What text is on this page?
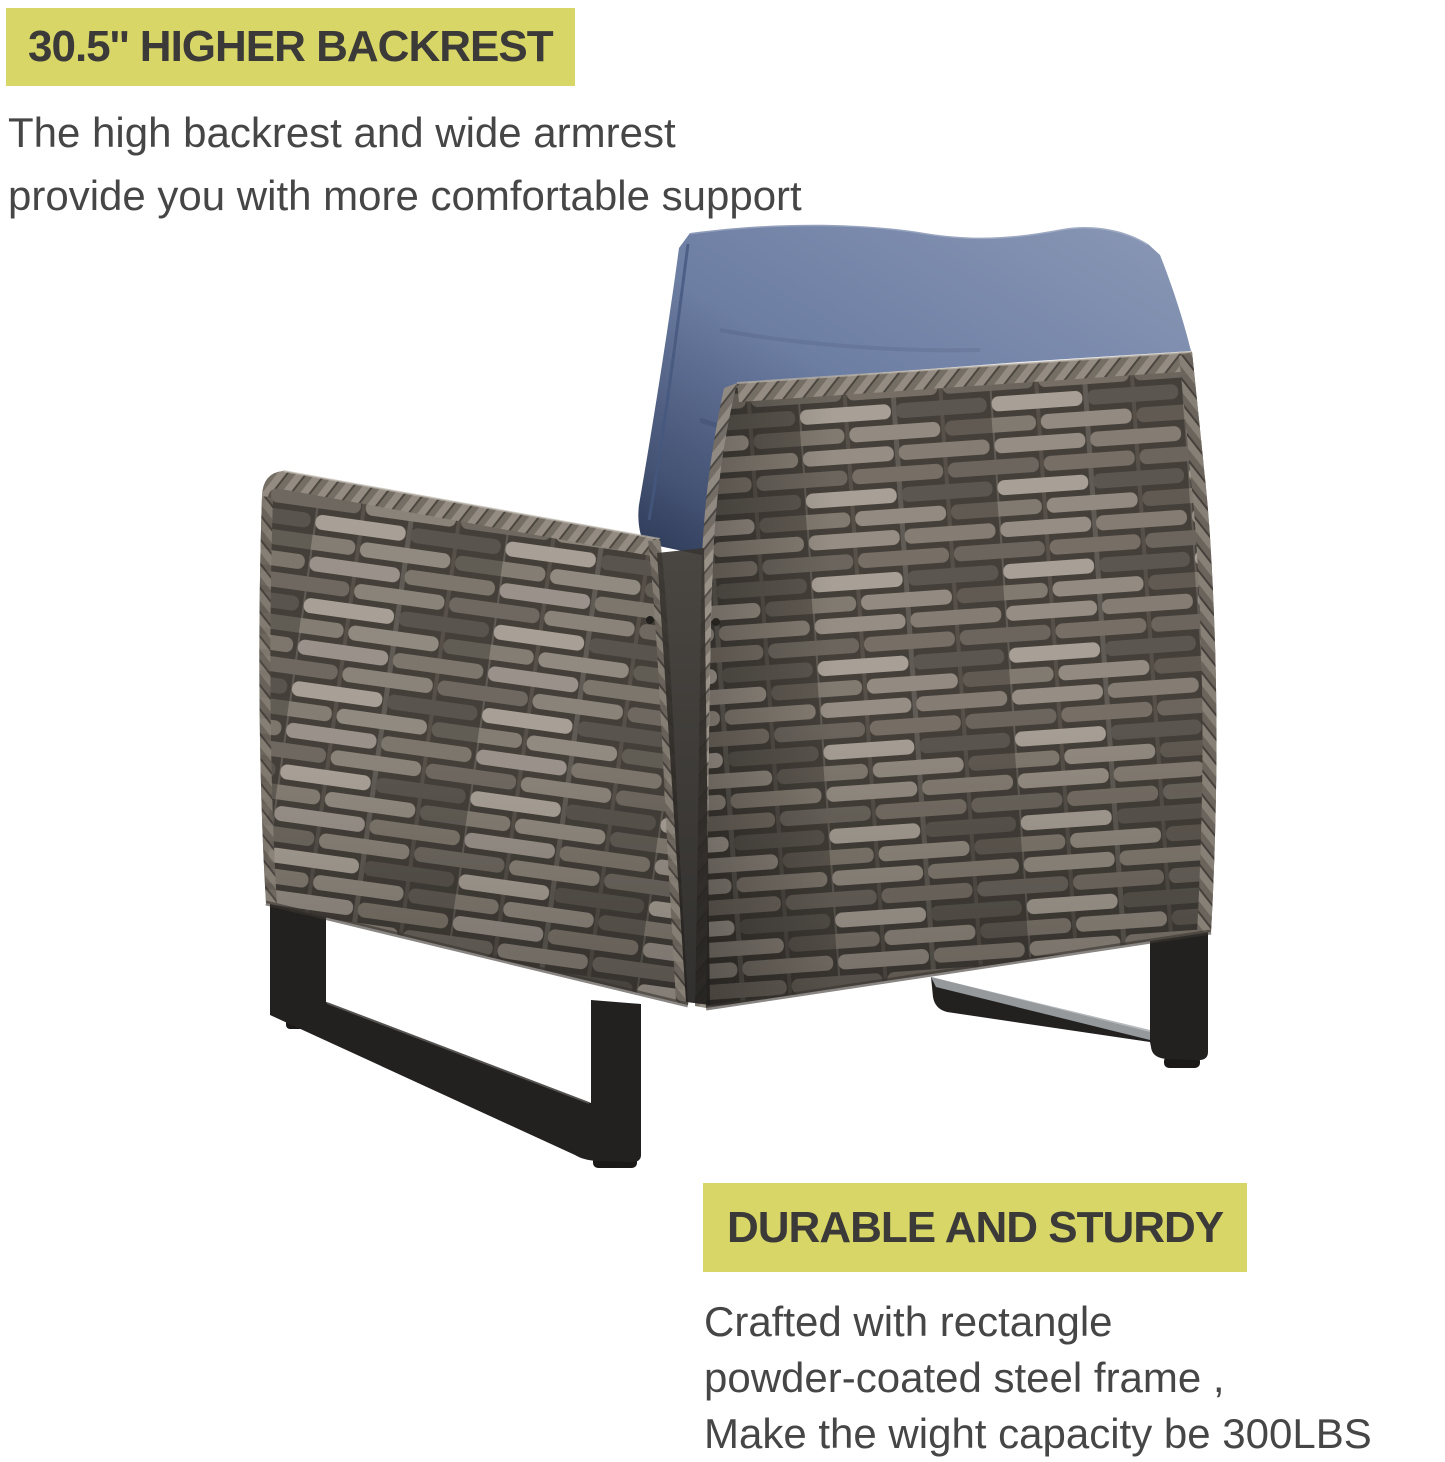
30.5'' HIGHER BACKREST
The high backrest and wide armrest
provide you with more comfortable support
DURABLE AND STURDY
Crafted with rectangle
powder-coated steel frame ,
Make the wight capacity be 300LBS
